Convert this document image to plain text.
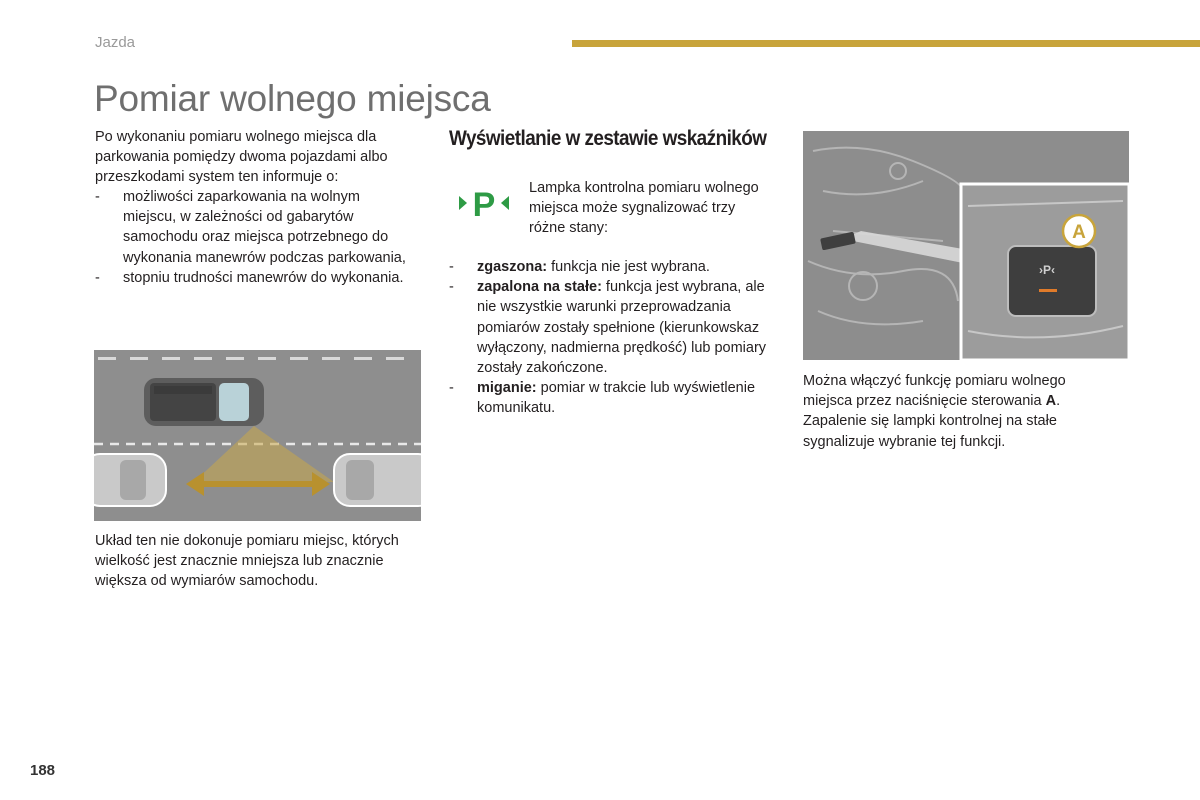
Jazda
Pomiar wolnego miejsca
Po wykonaniu pomiaru wolnego miejsca dla parkowania pomiędzy dwoma pojazdami albo przeszkodami system ten informuje o:
- możliwości zaparkowania na wolnym miejscu, w zależności od gabarytów samochodu oraz miejsca potrzebnego do wykonania manewrów podczas parkowania,
- stopniu trudności manewrów do wykonania.
Układ ten nie dokonuje pomiaru miejsc, których wielkość jest znacznie mniejsza lub znacznie większa od wymiarów samochodu.
Wyświetlanie w zestawie wskaźników
P Lampka kontrolna pomiaru wolnego miejsca może sygnalizować trzy różne stany:
- zgaszona: funkcja nie jest wybrana.
- zapalona na stałe: funkcja jest wybrana, ale nie wszystkie warunki przeprowadzania pomiarów zostały spełnione (kierunkowskaz wyłączony, nadmierna prędkość) lub pomiary zostały zakończone.
- miganie: pomiar w trakcie lub wyświetlenie komunikatu.
›P‹
A
Można włączyć funkcję pomiaru wolnego miejsca przez naciśnięcie sterowania A. Zapalenie się lampki kontrolnej na stałe sygnalizuje wybranie tej funkcji.
188
